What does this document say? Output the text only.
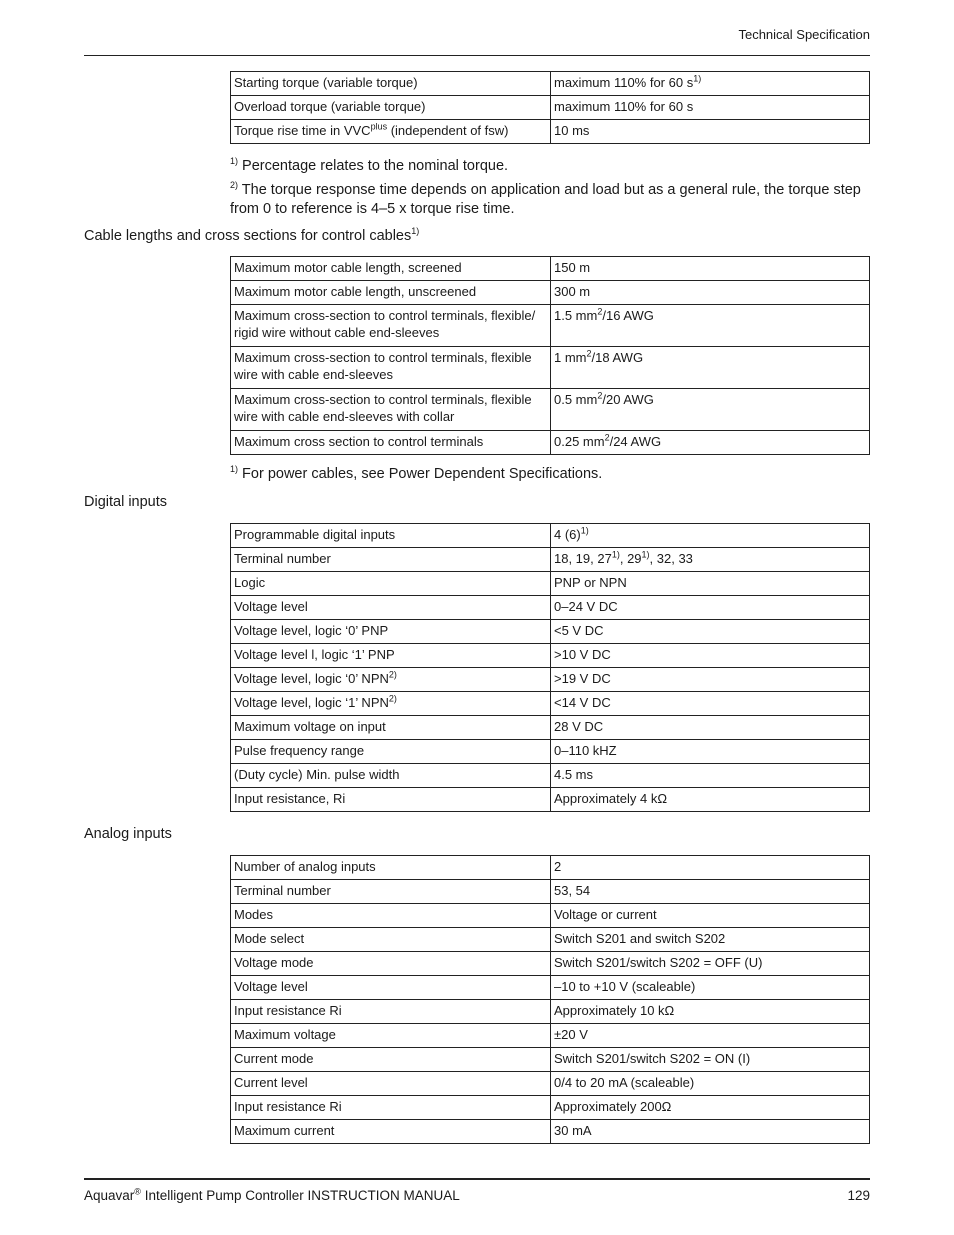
Technical Specification
Starting torque (variable torque)	maximum 110% for 60 $s^{1)}$
Overload torque (variable torque)	maximum 110% for 60 s
Torque rise time in $VVC^{plus}$ (independent of fsw)	10 ms
$^{1)}$ Percentage relates to the nominal torque.
$^{2)}$ The torque response time depends on application and load but as a general rule, the torque step from 0 to reference is 4–5 x torque rise time.
Cable lengths and cross sections for control cables$^{1)}$
Maximum motor cable length, screened	150 m
Maximum motor cable length, unscreened	300 m
Maximum cross-section to control terminals, flexible/ rigid wire without cable end-sleeves	1.5 $mm^2/16$ AWG
Maximum cross-section to control terminals, flexible wire with cable end-sleeves	1 $mm^2/18$ AWG
Maximum cross-section to control terminals, flexible wire with cable end-sleeves with collar	0.5 $mm^2/20$ AWG
Maximum cross section to control terminals	0.25 $mm^2/24$ AWG
$^{1)}$ For power cables, see Power Dependent Specifications.
Digital inputs
Programmable digital inputs	4 $(6)^{1)}$
Terminal number	18, 19, 27$^{1)}$, 29$^{1)}$, 32, 33
Logic	PNP or NPN
Voltage level	0–24 V DC
Voltage level, logic ‘0’ PNP	<5 V DC
Voltage level l, logic ‘1’ PNP	>10 V DC
Voltage level, logic ‘0’ $NPN^{2)}$	>19 V DC
Voltage level, logic ‘1’ $NPN^{2)}$	<14 V DC
Maximum voltage on input	28 V DC
Pulse frequency range	0–110 kHZ
(Duty cycle) Min. pulse width	4.5 ms
Input resistance, Ri	Approximately 4 kΩ
Analog inputs
Number of analog inputs	2
Terminal number	53, 54
Modes	Voltage or current
Mode select	Switch S201 and switch S202
Voltage mode	Switch S201/switch S202 = OFF (U)
Voltage level	–10 to +10 V (scaleable)
Input resistance Ri	Approximately 10 kΩ
Maximum voltage	±20 V
Current mode	Switch S201/switch S202 = ON (I)
Current level	0/4 to 20 mA (scaleable)
Input resistance Ri	Approximately 200Ω
Maximum current	30 mA
Aquavar® Intelligent Pump Controller INSTRUCTION MANUAL	129
